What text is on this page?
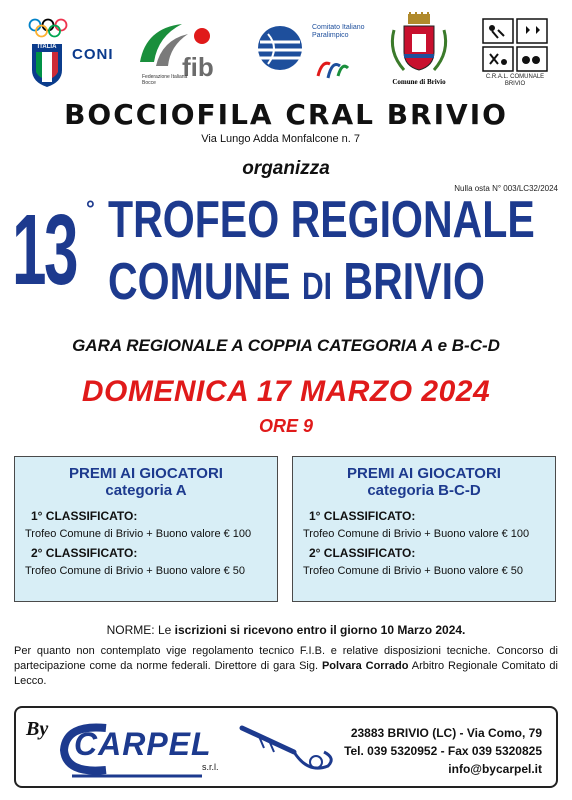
ITALIA	CONI	fib
Federazione Italiana Bocce
Comitato Italiano Paralimpico
Comune di Brivio
C.R.A.L. COMUNALE BRIVIO
BOCCIOFILA CRAL BRIVIO
Via Lungo Adda Monfalcone n. 7
organizza
Nulla osta N° 003/LC32/2024
13 ° TROFEO REGIONALE
COMUNE DI BRIVIO
GARA REGIONALE A COPPIA CATEGORIA A e B-C-D
DOMENICA 17 MARZO 2024
ORE 9
PREMI AI GIOCATORI
categoria A
1° CLASSIFICATO:
Trofeo Comune di Brivio + Buono valore € 100
2° CLASSIFICATO:
Trofeo Comune di Brivio + Buono valore € 50
PREMI AI GIOCATORI
categoria B-C-D
1° CLASSIFICATO:
Trofeo Comune di Brivio + Buono valore € 100
2° CLASSIFICATO:
Trofeo Comune di Brivio + Buono valore € 50
NORME: Le iscrizioni si ricevono entro il giorno 10 Marzo 2024.
Per quanto non contemplato vige regolamento tecnico F.I.B. e relative disposizioni tecniche. Concorso di partecipazione come da norme federali. Direttore di gara Sig. Polvara Corrado Arbitro Regionale Comitato di Lecco.
By CARPEL
s.r.l.
23883 BRIVIO (LC) - Via Como, 79
Tel. 039 5320952 - Fax 039 5320825
info@bycarpel.it
